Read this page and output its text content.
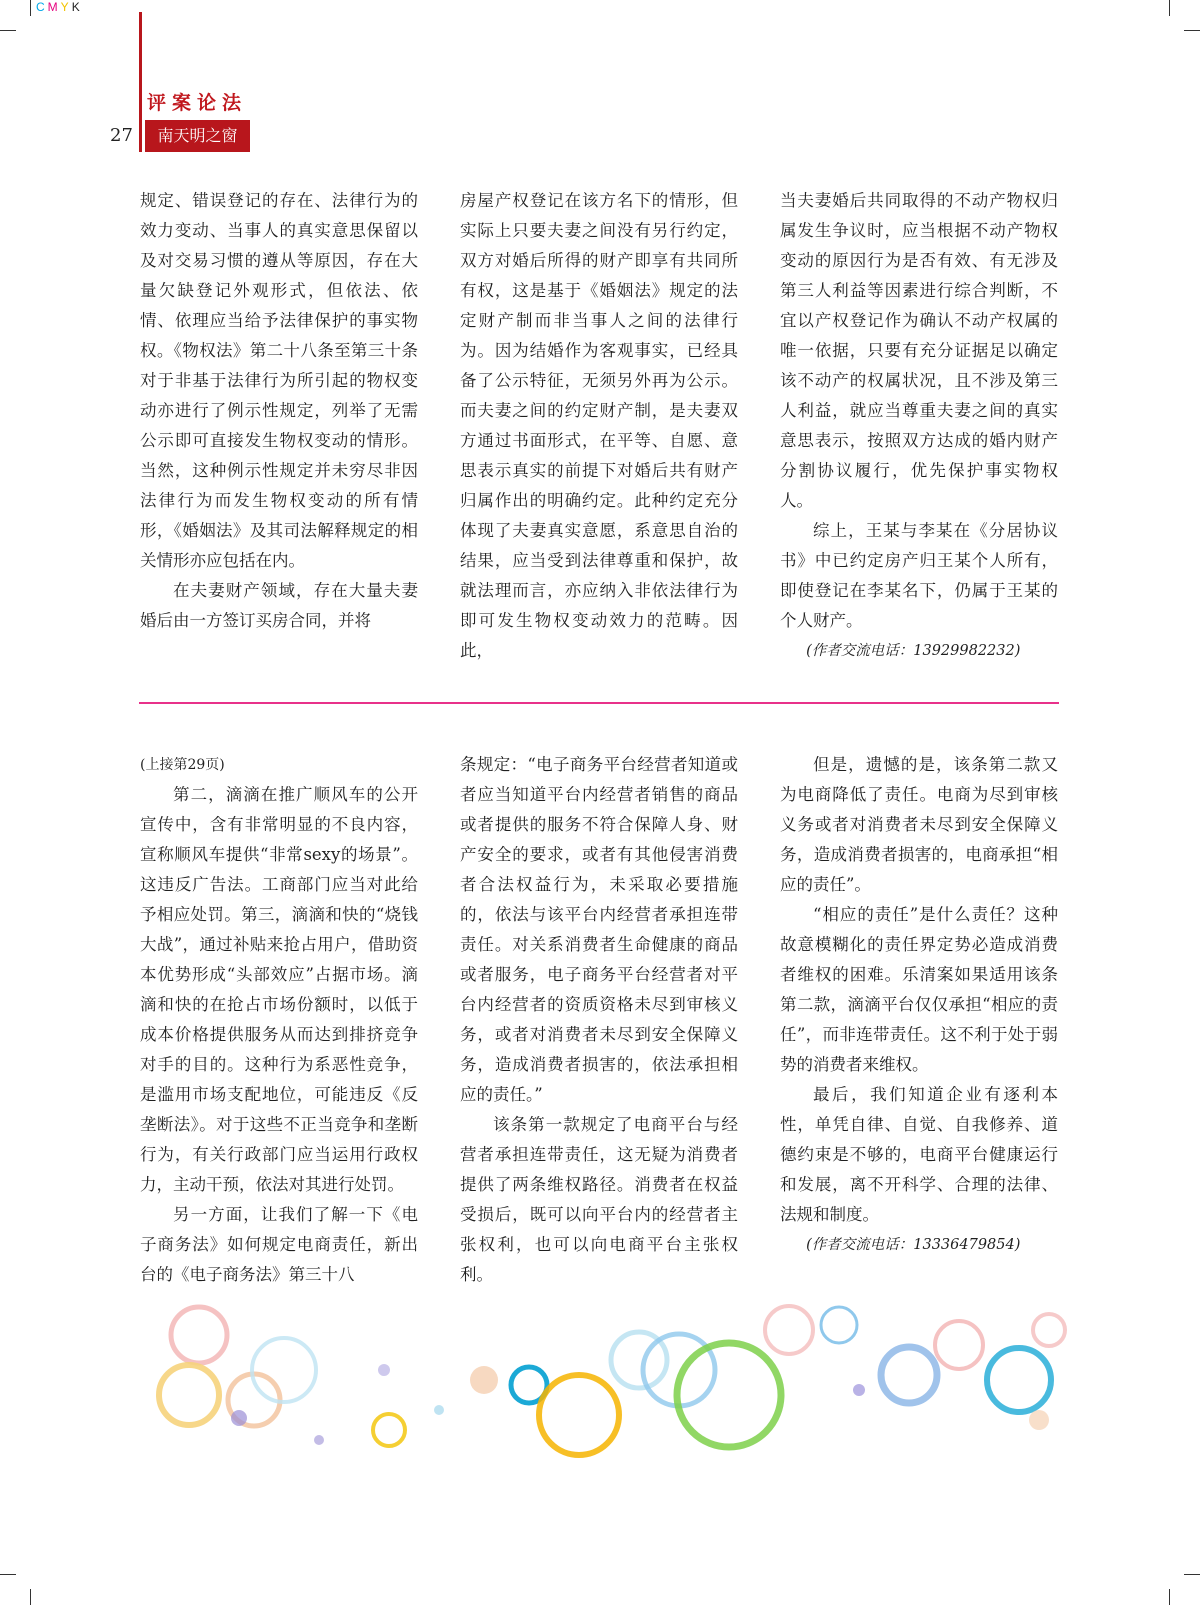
CMYK
评案论法
27	南天明之窗

规定、错误登记的存在、法律行为的效力变动、当事人的真实意思保留以及对交易习惯的遵从等原因，存在大量欠缺登记外观形式，但依法、依情、依理应当给予法律保护的事实物权。《物权法》第二十八条至第三十条对于非基于法律行为所引起的物权变动亦进行了例示性规定，列举了无需公示即可直接发生物权变动的情形。当然，这种例示性规定并未穷尽非因法律行为而发生物权变动的所有情形，《婚姻法》及其司法解释规定的相关情形亦应包括在内。

在夫妻财产领域，存在大量夫妻婚后由一方签订买房合同，并将

房屋产权登记在该方名下的情形，但实际上只要夫妻之间没有另行约定，双方对婚后所得的财产即享有共同所有权，这是基于《婚姻法》规定的法定财产制而非当事人之间的法律行为。因为结婚作为客观事实，已经具备了公示特征，无须另外再为公示。而夫妻之间的约定财产制，是夫妻双方通过书面形式，在平等、自愿、意思表示真实的前提下对婚后共有财产归属作出的明确约定。此种约定充分体现了夫妻真实意愿，系意思自治的结果，应当受到法律尊重和保护，故就法理而言，亦应纳入非依法律行为即可发生物权变动效力的范畴。因此，

当夫妻婚后共同取得的不动产物权归属发生争议时，应当根据不动产物权变动的原因行为是否有效、有无涉及第三人利益等因素进行综合判断，不宜以产权登记作为确认不动产权属的唯一依据，只要有充分证据足以确定该不动产的权属状况，且不涉及第三人利益，就应当尊重夫妻之间的真实意思表示，按照双方达成的婚内财产分割协议履行，优先保护事实物权人。

综上，王某与李某在《分居协议书》中已约定房产归王某个人所有，即使登记在李某名下，仍属于王某的个人财产。

(作者交流电话：13929982232)

(上接第29页)

第二，滴滴在推广顺风车的公开宣传中，含有非常明显的不良内容，宣称顺风车提供“非常sexy的场景”。这违反广告法。工商部门应当对此给予相应处罚。第三，滴滴和快的“烧钱大战”，通过补贴来抢占用户，借助资本优势形成“头部效应”占据市场。滴滴和快的在抢占市场份额时，以低于成本价格提供服务从而达到排挤竞争对手的目的。这种行为系恶性竞争，是滥用市场支配地位，可能违反《反垄断法》。对于这些不正当竞争和垄断行为，有关行政部门应当运用行政权力，主动干预，依法对其进行处罚。

另一方面，让我们了解一下《电子商务法》如何规定电商责任，新出台的《电子商务法》第三十八

条规定：“电子商务平台经营者知道或者应当知道平台内经营者销售的商品或者提供的服务不符合保障人身、财产安全的要求，或者有其他侵害消费者合法权益行为，未采取必要措施的，依法与该平台内经营者承担连带责任。对关系消费者生命健康的商品或者服务，电子商务平台经营者对平台内经营者的资质资格未尽到审核义务，或者对消费者未尽到安全保障义务，造成消费者损害的，依法承担相应的责任。”

该条第一款规定了电商平台与经营者承担连带责任，这无疑为消费者提供了两条维权路径。消费者在权益受损后，既可以向平台内的经营者主张权利，也可以向电商平台主张权利。

但是，遗憾的是，该条第二款又为电商降低了责任。电商为尽到审核义务或者对消费者未尽到安全保障义务，造成消费者损害的，电商承担“相应的责任”。

“相应的责任”是什么责任？这种故意模糊化的责任界定势必造成消费者维权的困难。乐清案如果适用该条第二款，滴滴平台仅仅承担“相应的责任”，而非连带责任。这不利于处于弱势的消费者来维权。

最后，我们知道企业有逐利本性，单凭自律、自觉、自我修养、道德约束是不够的，电商平台健康运行和发展，离不开科学、合理的法律、法规和制度。

(作者交流电话：13336479854)
